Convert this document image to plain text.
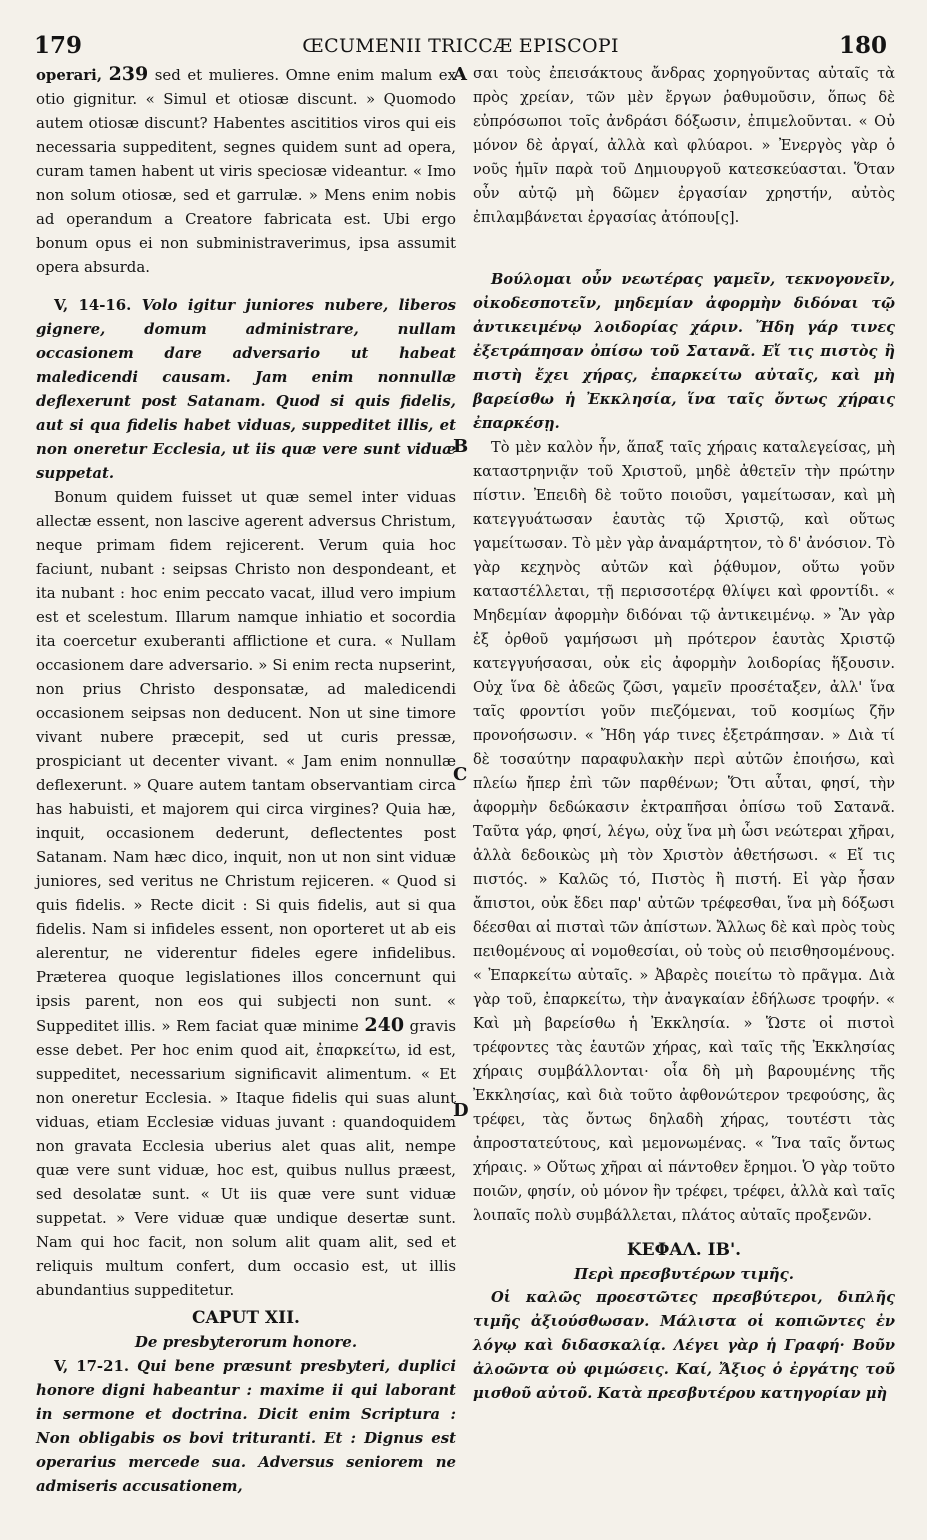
179	ŒCUMENII TRICCÆ EPISCOPI	180
A
B
C
D

operari, 239 sed et mulieres. Omne enim malum ex otio gignitur. « Simul et otiosæ discunt. » Quomodo autem otiosæ discunt? Habentes ascititios viros qui eis necessaria suppeditent, segnes quidem sunt ad opera, curam tamen habent ut viris speciosæ videantur. « Imo non solum otiosæ, sed et garrulæ. » Mens enim nobis ad operandum a Creatore fabricata est. Ubi ergo bonum opus ei non subministraverimus, ipsa assumit opera absurda.

V, 14-16. Volo igitur juniores nubere, liberos gignere, domum administrare, nullam occasionem dare adversario ut habeat maledicendi causam. Jam enim nonnullæ deflexerunt post Satanam. Quod si quis fidelis, aut si qua fidelis habet viduas, suppeditet illis, et non oneretur Ecclesia, ut iis quæ vere sunt viduæ suppetat.

Bonum quidem fuisset ut quæ semel inter viduas allectæ essent, non lascive agerent adversus Christum, neque primam fidem rejicerent. Verum quia hoc faciunt, nubant : seipsas Christo non despondeant, et ita nubant : hoc enim peccato vacat, illud vero impium est et scelestum. Illarum namque inhiatio et socordia ita coercetur exuberanti afflictione et cura. « Nullam occasionem dare adversario. » Si enim recta nupserint, non prius Christo desponsatæ, ad maledicendi occasionem seipsas non deducent. Non ut sine timore vivant nubere præcepit, sed ut curis pressæ, prospiciant ut decenter vivant. « Jam enim nonnullæ deflexerunt. » Quare autem tantam observantiam circa has habuisti, et majorem qui circa virgines? Quia hæ, inquit, occasionem dederunt, deflectentes post Satanam. Nam hæc dico, inquit, non ut non sint viduæ juniores, sed veritus ne Christum rejiceren. « Quod si quis fidelis. » Recte dicit : Si quis fidelis, aut si qua fidelis. Nam si infideles essent, non oporteret ut ab eis alerentur, ne viderentur fideles egere infidelibus. Præterea quoque legislationes illos concernunt qui ipsis parent, non eos qui subjecti non sunt. « Suppeditet illis. » Rem faciat quæ minime 240 gravis esse debet. Per hoc enim quod ait, ἐπαρκείτω, id est, suppeditet, necessarium significavit alimentum. « Et non oneretur Ecclesia. » Itaque fidelis qui suas alunt viduas, etiam Ecclesiæ viduas juvant : quandoquidem non gravata Ecclesia uberius alet quas alit, nempe quæ vere sunt viduæ, hoc est, quibus nullus præest, sed desolatæ sunt. « Ut iis quæ vere sunt viduæ suppetat. » Vere viduæ quæ undique desertæ sunt. Nam qui hoc facit, non solum alit quam alit, sed et reliquis multum confert, dum occasio est, ut illis abundantius suppeditetur.

CAPUT XII.

De presbyterorum honore.

V, 17-21. Qui bene præsunt presbyteri, duplici honore digni habeantur : maxime ii qui laborant in sermone et doctrina. Dicit enim Scriptura : Non obligabis os bovi trituranti. Et : Dignus est operarius mercede sua. Adversus seniorem ne admiseris accusationem,

σαι τοὺς ἐπεισάκτους ἄνδρας χορηγοῦντας αὐταῖς τὰ πρὸς χρείαν, τῶν μὲν ἔργων ῥαθυμοῦσιν, ὅπως δὲ εὐπρόσωποι τοῖς ἀνδράσι δόξωσιν, ἐπιμελοῦνται. « Οὐ μόνον δὲ ἀργαί, ἀλλὰ καὶ φλύαροι. » Ἐνεργὸς γὰρ ὁ νοῦς ἡμῖν παρὰ τοῦ Δημιουργοῦ κατεσκεύασται. Ὅταν οὖν αὐτῷ μὴ δῶμεν ἐργασίαν χρηστήν, αὐτὸς ἐπιλαμβάνεται ἐργασίας ἀτόπου[ς].

Βούλομαι οὖν νεωτέρας γαμεῖν, τεκνογονεῖν, οἰκοδεσποτεῖν, μηδεμίαν ἀφορμὴν διδόναι τῷ ἀντικειμένῳ λοιδορίας χάριν. Ἤδη γάρ τινες ἐξετράπησαν ὀπίσω τοῦ Σατανᾶ. Εἴ τις πιστὸς ἢ πιστὴ ἔχει χήρας, ἐπαρκείτω αὐταῖς, καὶ μὴ βαρείσθω ἡ Ἐκκλησία, ἵνα ταῖς ὄντως χήραις ἐπαρκέσῃ.

Τὸ μὲν καλὸν ἦν, ἅπαξ ταῖς χήραις καταλεγείσας, μὴ καταστρηνιᾷν τοῦ Χριστοῦ, μηδὲ ἀθετεῖν τὴν πρώτην πίστιν. Ἐπειδὴ δὲ τοῦτο ποιοῦσι, γαμείτωσαν, καὶ μὴ κατεγγυάτωσαν ἑαυτὰς τῷ Χριστῷ, καὶ οὕτως γαμείτωσαν. Τὸ μὲν γὰρ ἀναμάρτητον, τὸ δ' ἀνόσιον. Τὸ γὰρ κεχηνὸς αὐτῶν καὶ ῥᾴθυμον, οὕτω γοῦν καταστέλλεται, τῇ περισσοτέρᾳ θλίψει καὶ φροντίδι. « Μηδεμίαν ἀφορμὴν διδόναι τῷ ἀντικειμένῳ. » Ἂν γὰρ ἐξ ὀρθοῦ γαμήσωσι μὴ πρότερον ἑαυτὰς Χριστῷ κατεγγυήσασαι, οὐκ εἰς ἀφορμὴν λοιδορίας ἥξουσιν. Οὐχ ἵνα δὲ ἀδεῶς ζῶσι, γαμεῖν προσέταξεν, ἀλλ' ἵνα ταῖς φροντίσι γοῦν πιεζόμεναι, τοῦ κοσμίως ζῆν προνοήσωσιν. « Ἤδη γάρ τινες ἐξετράπησαν. » Διὰ τί δὲ τοσαύτην παραφυλακὴν περὶ αὐτῶν ἐποιήσω, καὶ πλείω ἤπερ ἐπὶ τῶν παρθένων; Ὅτι αὗται, φησί, τὴν ἀφορμὴν δεδώκασιν ἐκτραπῆσαι ὀπίσω τοῦ Σατανᾶ. Ταῦτα γάρ, φησί, λέγω, οὐχ ἵνα μὴ ὦσι νεώτεραι χῆραι, ἀλλὰ δεδοικὼς μὴ τὸν Χριστὸν ἀθετήσωσι. « Εἴ τις πιστός. » Καλῶς τό, Πιστὸς ἢ πιστή. Εἰ γὰρ ἦσαν ἄπιστοι, οὐκ ἔδει παρ' αὐτῶν τρέφεσθαι, ἵνα μὴ δόξωσι δέεσθαι αἱ πισταὶ τῶν ἀπίστων. Ἄλλως δὲ καὶ πρὸς τοὺς πειθομένους αἱ νομοθεσίαι, οὐ τοὺς οὐ πεισθησομένους. « Ἐπαρκείτω αὐταῖς. » Ἀβαρὲς ποιείτω τὸ πρᾶγμα. Διὰ γὰρ τοῦ, ἐπαρκείτω, τὴν ἀναγκαίαν ἐδήλωσε τροφήν. « Καὶ μὴ βαρείσθω ἡ Ἐκκλησία. » Ὥστε οἱ πιστοὶ τρέφοντες τὰς ἑαυτῶν χήρας, καὶ ταῖς τῆς Ἐκκλησίας χήραις συμβάλλονται· οἷα δὴ μὴ βαρουμένης τῆς Ἐκκλησίας, καὶ διὰ τοῦτο ἀφθονώτερον τρεφούσης, ἃς τρέφει, τὰς ὄντως δηλαδὴ χήρας, τουτέστι τὰς ἀπροστατεύτους, καὶ μεμονωμένας. « Ἵνα ταῖς ὄντως χήραις. » Οὕτως χῆραι αἱ πάντοθεν ἔρημοι. Ὁ γὰρ τοῦτο ποιῶν, φησίν, οὐ μόνον ἣν τρέφει, τρέφει, ἀλλὰ καὶ ταῖς λοιπαῖς πολὺ συμβάλλεται, πλάτος αὐταῖς προξενῶν.

ΚΕΦΑΛ. ΙΒ'.

Περὶ πρεσβυτέρων τιμῆς.

Οἱ καλῶς προεστῶτες πρεσβύτεροι, διπλῆς τιμῆς ἀξιούσθωσαν. Μάλιστα οἱ κοπιῶντες ἐν λόγῳ καὶ διδασκαλίᾳ. Λέγει γὰρ ἡ Γραφή· Βοῦν ἀλοῶντα οὐ φιμώσεις. Καί, Ἄξιος ὁ ἐργάτης τοῦ μισθοῦ αὐτοῦ. Κατὰ πρεσβυτέρου κατηγορίαν μὴ
